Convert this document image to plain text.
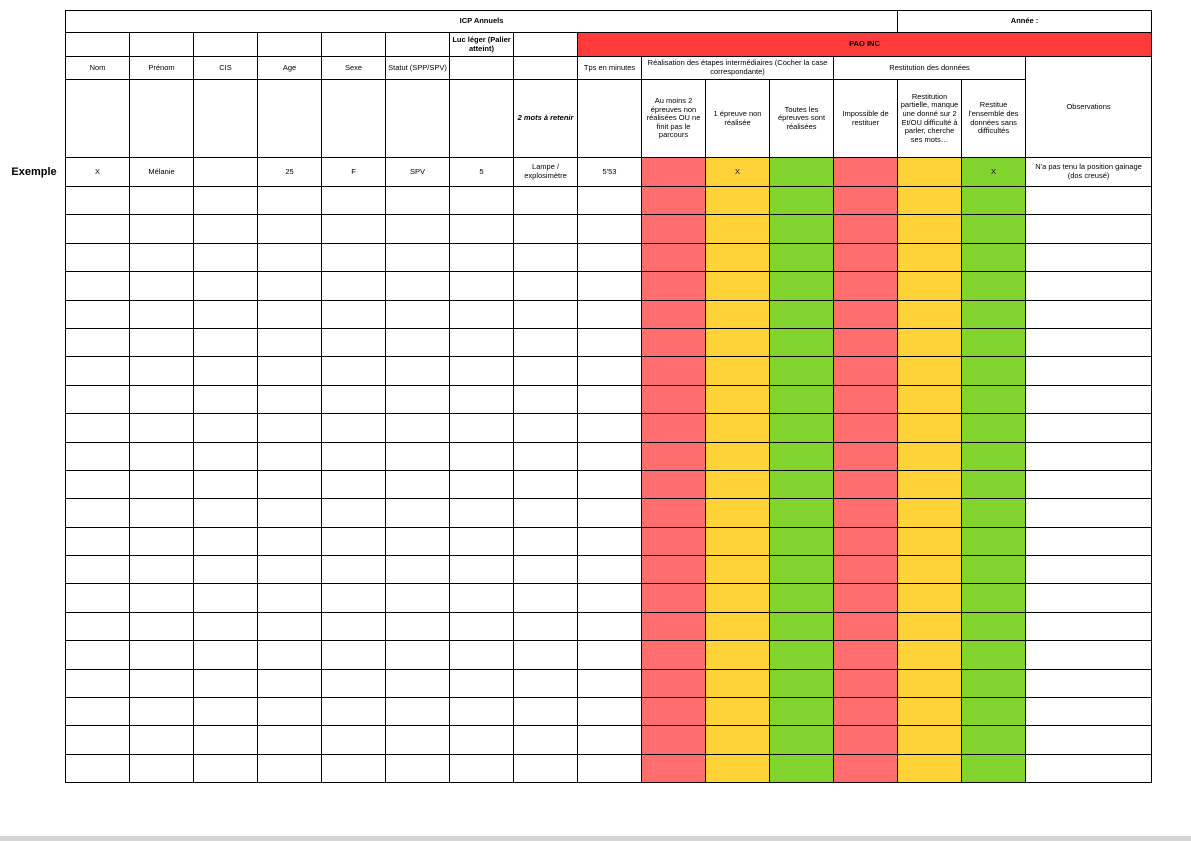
Exemple
ICP Annuels													Année :		
						Luc léger (Palier atteint)		PAO INC							
Nom	Prénom	CIS	Age	Sexe	Statut (SPP/SPV)			Tps en minutes	Réalisation des étapes intermédiaires (Cocher la case correspondante)			Restitution des données			Observations
							2 mots à retenir		Au moins 2 épreuves non réalisées OU ne finit pas le parcours	1 épreuve non réalisée	Toutes les épreuves sont réalisées	Impossible de restituer	Restitution partielle, manque une donné sur 2 Et/OU difficulté à parler, cherche ses mots…	Restitue l'ensemble des données sans difficultés	
X	Mélanie		25	F	SPV	5	Lampe / explosimètre	5'53		X				X	N'a pas tenu la position gainage (dos creusé)
